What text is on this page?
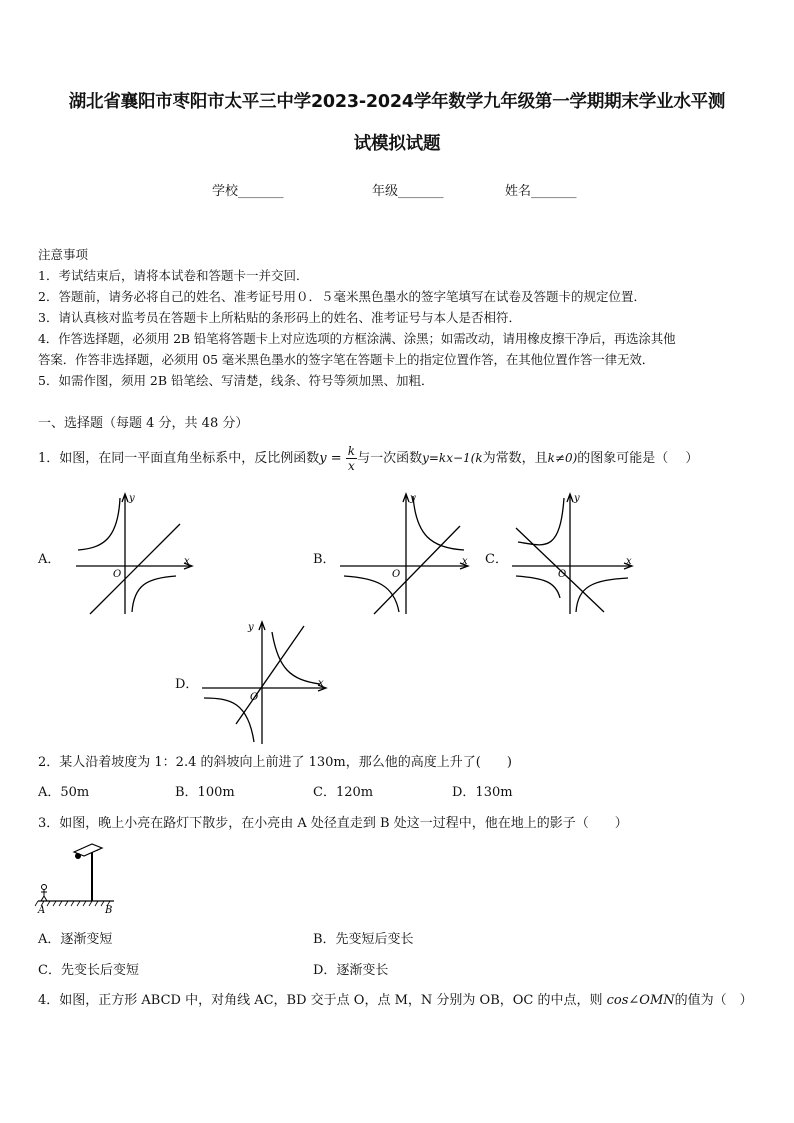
湖北省襄阳市枣阳市太平三中学2023-2024学年数学九年级第一学期期末学业水平测
试模拟试题
学校_______	年级_______	姓名_______
注意事项
1．考试结束后，请将本试卷和答题卡一并交回．
2．答题前，请务必将自己的姓名、准考证号用０．５毫米黑色墨水的签字笔填写在试卷及答题卡的规定位置．
3．请认真核对监考员在答题卡上所粘贴的条形码上的姓名、准考证号与本人是否相符．
4．作答选择题，必须用 2B 铅笔将答题卡上对应选项的方框涂满、涂黑；如需改动，请用橡皮擦干净后，再选涂其他
答案．作答非选择题，必须用 05 毫米黑色墨水的签字笔在答题卡上的指定位置作答，在其他位置作答一律无效．
5．如需作图，须用 2B 铅笔绘、写清楚，线条、符号等须加黑、加粗．
一、选择题（每题 4 分，共 48 分）
1．如图，在同一平面直角坐标系中，反比例函数$y = \frac{k}{x}$ 与一次函数y=kx−1(k为常数，且k≠0)的图象可能是（　 ）
A．	B．	C．
D．
x
y
O
x
y
O
x
y
O
x
y
O
2．某人沿着坡度为 1：2.4 的斜坡向上前进了 130m，那么他的高度上升了(　　)
A．50m	B．100m	C．120m	D．130m
3．如图，晚上小亮在路灯下散步，在小亮由 A 处径直走到 B 处这一过程中，他在地上的影子（　　）
A	B
A．逐渐变短	B．先变短后变长
C．先变长后变短	D．逐渐变长
4．如图，正方形 ABCD 中，对角线 AC，BD 交于点 O，点 M，N 分别为 OB，OC 的中点，则 cos∠OMN的值为（　）
